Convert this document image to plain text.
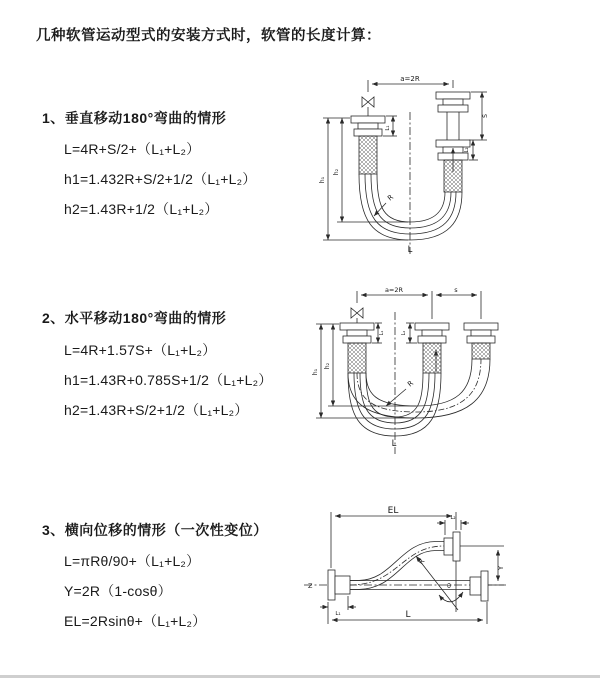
几种软管运动型式的安装方式时，软管的长度计算：
1、垂直移动180°弯曲的情形
L=4R+S/2+（L₁+L₂）
h1=1.432R+S/2+1/2（L₁+L₂）
h2=1.43R+1/2（L₁+L₂）
a=2R
L₁
S
L₂
h₁
h₂
R
L
2、水平移动180°弯曲的情形
L=4R+1.57S+（L₁+L₂）
h1=1.43R+0.785S+1/2（L₁+L₂）
h2=1.43R+S/2+1/2（L₁+L₂）
a=2R	s
L₁	L₂
h₁
h₂
R
L
3、横向位移的情形（一次性变位）
L=πRθ/90+（L₁+L₂）
Y=2R（1-cosθ）
EL=2Rsinθ+（L₁+L₂）
EL
L₂
Y
R
θ
Z
L₁	L
